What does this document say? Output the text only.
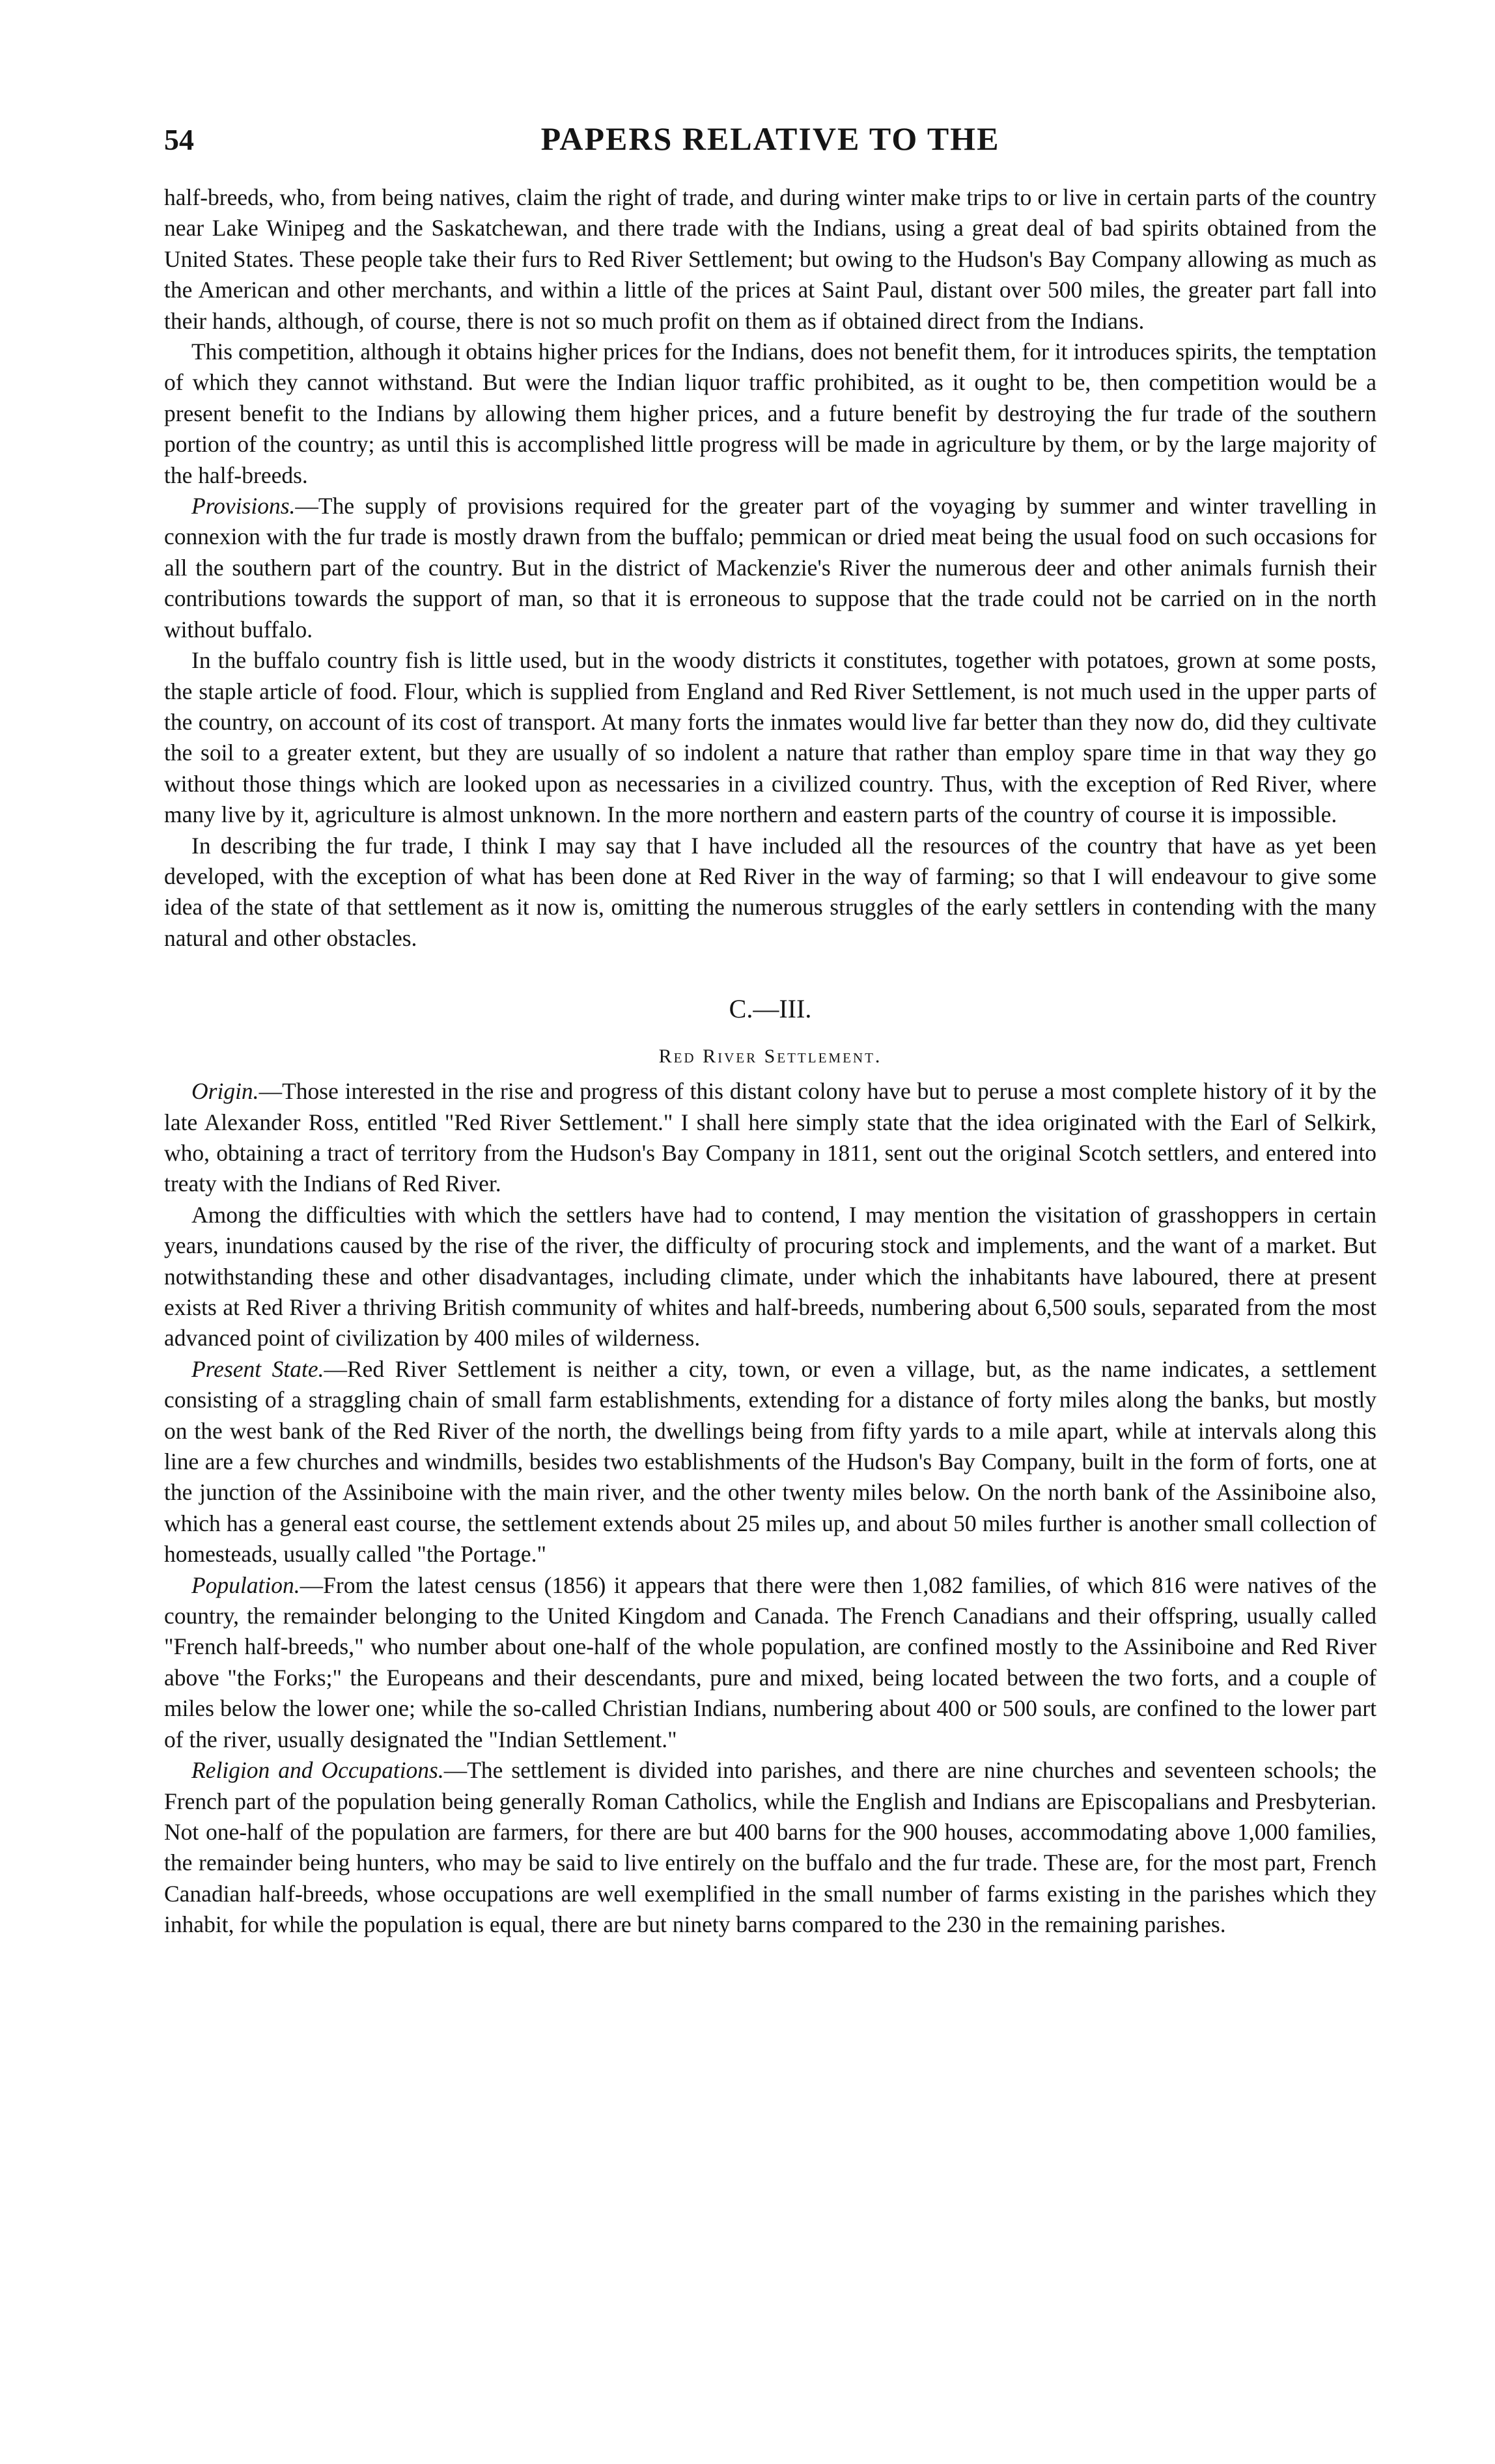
54	PAPERS RELATIVE TO THE

half-breeds, who, from being natives, claim the right of trade, and during winter make trips to or live in certain parts of the country near Lake Winipeg and the Saskatchewan, and there trade with the Indians, using a great deal of bad spirits obtained from the United States. These people take their furs to Red River Settlement; but owing to the Hudson's Bay Company allowing as much as the American and other merchants, and within a little of the prices at Saint Paul, distant over 500 miles, the greater part fall into their hands, although, of course, there is not so much profit on them as if obtained direct from the Indians.

This competition, although it obtains higher prices for the Indians, does not benefit them, for it introduces spirits, the temptation of which they cannot withstand. But were the Indian liquor traffic prohibited, as it ought to be, then competition would be a present benefit to the Indians by allowing them higher prices, and a future benefit by destroying the fur trade of the southern portion of the country; as until this is accomplished little progress will be made in agriculture by them, or by the large majority of the half-breeds.

Provisions.—The supply of provisions required for the greater part of the voyaging by summer and winter travelling in connexion with the fur trade is mostly drawn from the buffalo; pemmican or dried meat being the usual food on such occasions for all the southern part of the country. But in the district of Mackenzie's River the numerous deer and other animals furnish their contributions towards the support of man, so that it is erroneous to suppose that the trade could not be carried on in the north without buffalo.

In the buffalo country fish is little used, but in the woody districts it constitutes, together with potatoes, grown at some posts, the staple article of food. Flour, which is supplied from England and Red River Settlement, is not much used in the upper parts of the country, on account of its cost of transport. At many forts the inmates would live far better than they now do, did they cultivate the soil to a greater extent, but they are usually of so indolent a nature that rather than employ spare time in that way they go without those things which are looked upon as necessaries in a civilized country. Thus, with the exception of Red River, where many live by it, agriculture is almost unknown. In the more northern and eastern parts of the country of course it is impossible.

In describing the fur trade, I think I may say that I have included all the resources of the country that have as yet been developed, with the exception of what has been done at Red River in the way of farming; so that I will endeavour to give some idea of the state of that settlement as it now is, omitting the numerous struggles of the early settlers in contending with the many natural and other obstacles.

C.—III.
Red River Settlement.

Origin.—Those interested in the rise and progress of this distant colony have but to peruse a most complete history of it by the late Alexander Ross, entitled "Red River Settlement." I shall here simply state that the idea originated with the Earl of Selkirk, who, obtaining a tract of territory from the Hudson's Bay Company in 1811, sent out the original Scotch settlers, and entered into treaty with the Indians of Red River.

Among the difficulties with which the settlers have had to contend, I may mention the visitation of grasshoppers in certain years, inundations caused by the rise of the river, the difficulty of procuring stock and implements, and the want of a market. But notwithstanding these and other disadvantages, including climate, under which the inhabitants have laboured, there at present exists at Red River a thriving British community of whites and half-breeds, numbering about 6,500 souls, separated from the most advanced point of civilization by 400 miles of wilderness.

Present State.—Red River Settlement is neither a city, town, or even a village, but, as the name indicates, a settlement consisting of a straggling chain of small farm establishments, extending for a distance of forty miles along the banks, but mostly on the west bank of the Red River of the north, the dwellings being from fifty yards to a mile apart, while at intervals along this line are a few churches and windmills, besides two establishments of the Hudson's Bay Company, built in the form of forts, one at the junction of the Assiniboine with the main river, and the other twenty miles below. On the north bank of the Assiniboine also, which has a general east course, the settlement extends about 25 miles up, and about 50 miles further is another small collection of homesteads, usually called "the Portage."

Population.—From the latest census (1856) it appears that there were then 1,082 families, of which 816 were natives of the country, the remainder belonging to the United Kingdom and Canada. The French Canadians and their offspring, usually called "French half-breeds," who number about one-half of the whole population, are confined mostly to the Assiniboine and Red River above "the Forks;" the Europeans and their descendants, pure and mixed, being located between the two forts, and a couple of miles below the lower one; while the so-called Christian Indians, numbering about 400 or 500 souls, are confined to the lower part of the river, usually designated the "Indian Settlement."

Religion and Occupations.—The settlement is divided into parishes, and there are nine churches and seventeen schools; the French part of the population being generally Roman Catholics, while the English and Indians are Episcopalians and Presbyterian. Not one-half of the population are farmers, for there are but 400 barns for the 900 houses, accommodating above 1,000 families, the remainder being hunters, who may be said to live entirely on the buffalo and the fur trade. These are, for the most part, French Canadian half-breeds, whose occupations are well exemplified in the small number of farms existing in the parishes which they inhabit, for while the population is equal, there are but ninety barns compared to the 230 in the remaining parishes.
